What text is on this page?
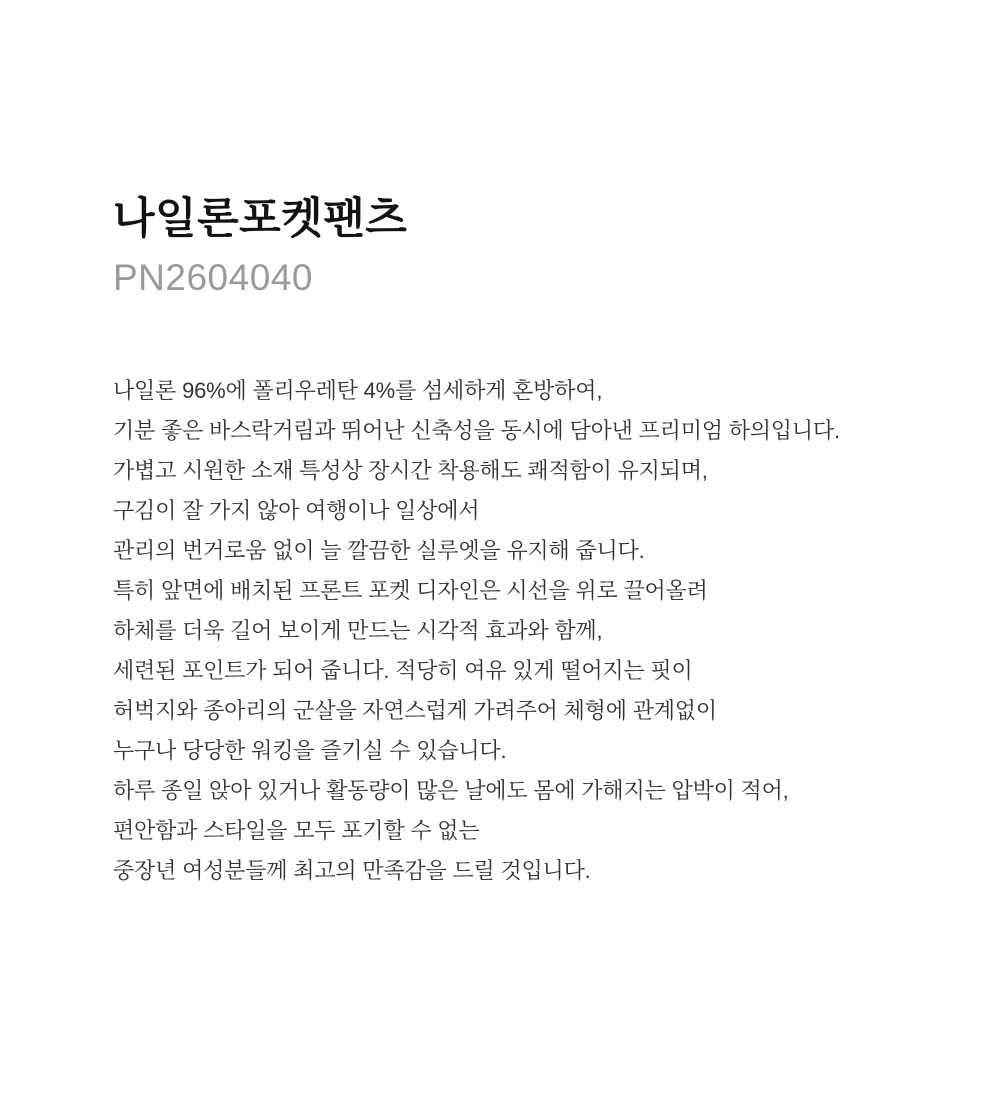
나일론포켓팬츠
PN2604040

나일론 96%에 폴리우레탄 4%를 섬세하게 혼방하여,

기분 좋은 바스락거림과 뛰어난 신축성을 동시에 담아낸 프리미엄 하의입니다.

가볍고 시원한 소재 특성상 장시간 착용해도 쾌적함이 유지되며,

구김이 잘 가지 않아 여행이나 일상에서

관리의 번거로움 없이 늘 깔끔한 실루엣을 유지해 줍니다.

특히 앞면에 배치된 프론트 포켓 디자인은 시선을 위로 끌어올려

하체를 더욱 길어 보이게 만드는 시각적 효과와 함께,

세련된 포인트가 되어 줍니다. 적당히 여유 있게 떨어지는 핏이

허벅지와 종아리의 군살을 자연스럽게 가려주어 체형에 관계없이

누구나 당당한 워킹을 즐기실 수 있습니다.

하루 종일 앉아 있거나 활동량이 많은 날에도 몸에 가해지는 압박이 적어,

편안함과 스타일을 모두 포기할 수 없는

중장년 여성분들께 최고의 만족감을 드릴 것입니다.
